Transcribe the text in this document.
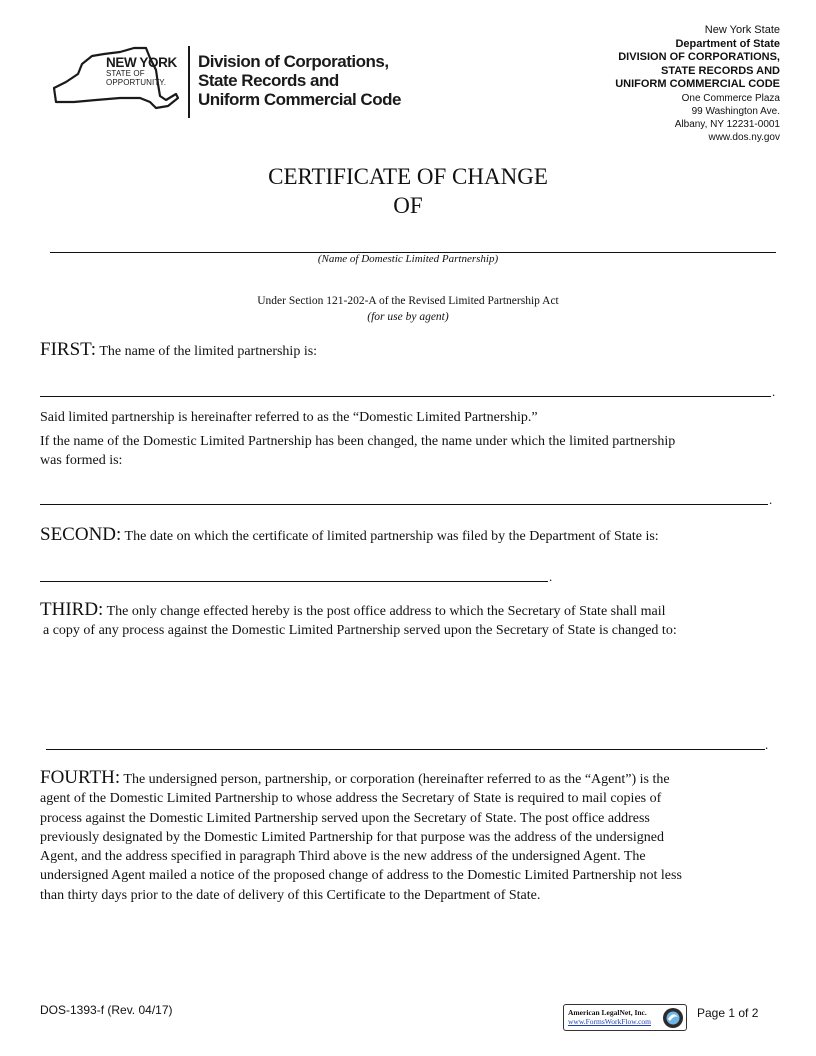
NEW YORK
STATE OF
OPPORTUNITY.
Division of Corporations,
State Records and
Uniform Commercial Code
New York State
Department of State
DIVISION OF CORPORATIONS,
STATE RECORDS AND
UNIFORM COMMERCIAL CODE
One Commerce Plaza
99 Washington Ave.
Albany, NY 12231-0001
www.dos.ny.gov
CERTIFICATE OF CHANGE
OF
(Name of Domestic Limited Partnership)
Under Section 121-202-A of the Revised Limited Partnership Act
(for use by agent)
FIRST: The name of the limited partnership is:
.
Said limited partnership is hereinafter referred to as the “Domestic Limited Partnership.”
If the name of the Domestic Limited Partnership has been changed, the name under which the limited partnership
was formed is:
.
SECOND: The date on which the certificate of limited partnership was filed by the Department of State is:
.
THIRD: The only change effected hereby is the post office address to which the Secretary of State shall mail
a copy of any process against the Domestic Limited Partnership served upon the Secretary of State is changed to:
.
FOURTH: The undersigned person, partnership, or corporation (hereinafter referred to as the “Agent”) is the
agent of the Domestic Limited Partnership to whose address the Secretary of State is required to mail copies of
process against the Domestic Limited Partnership served upon the Secretary of State. The post office address
previously designated by the Domestic Limited Partnership for that purpose was the address of the undersigned
Agent, and the address specified in paragraph Third above is the new address of the undersigned Agent. The
undersigned Agent mailed a notice of the proposed change of address to the Domestic Limited Partnership not less
than thirty days prior to the date of delivery of this Certificate to the Department of State.
DOS-1393-f (Rev. 04/17)	American LegalNet, Inc.
www.FormsWorkFlow.com
Page 1 of 2
